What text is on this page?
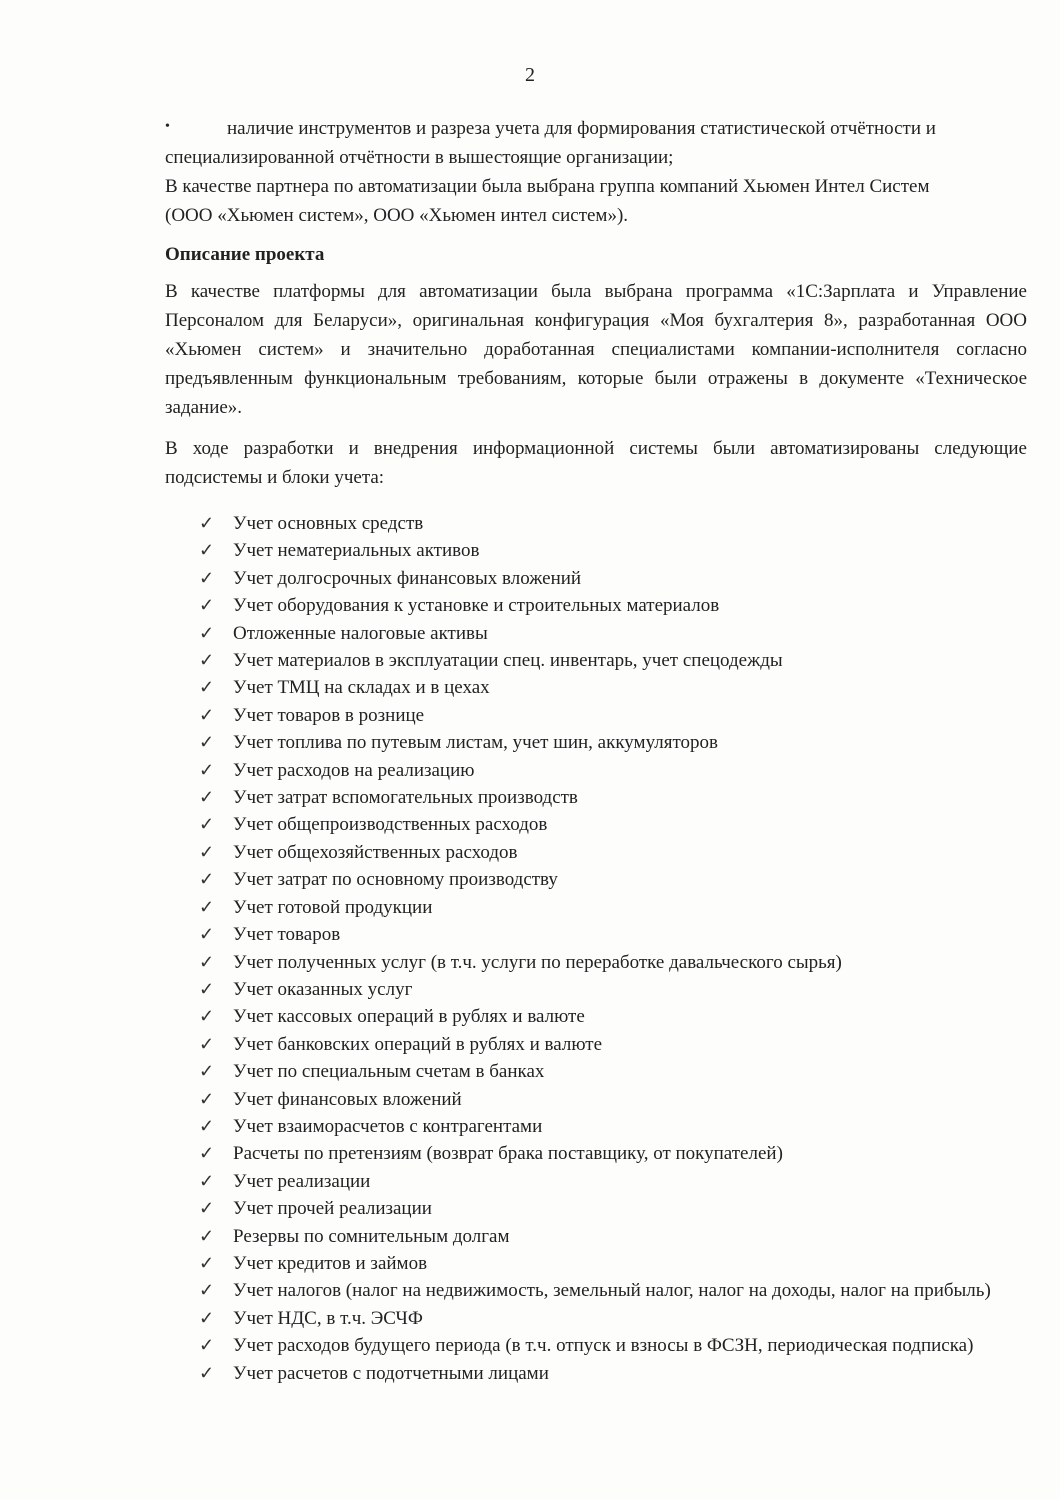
2
•	наличие инструментов и разреза учета для формирования статистической отчётности и

специализированной отчётности в вышестоящие организации;

В качестве партнера по автоматизации была выбрана группа компаний Хьюмен Интел Систем

(ООО «Хьюмен систем», ООО «Хьюмен интел систем»).

Описание проекта

В качестве платформы для автоматизации была выбрана программа «1С:Зарплата и Управление Персоналом для Беларуси», оригинальная конфигурация «Моя бухгалтерия 8», разработанная ООО «Хьюмен систем» и значительно доработанная специалистами компании-исполнителя согласно предъявленным функциональным требованиям, которые были отражены в документе «Техническое задание».

В ходе разработки и внедрения информационной системы были автоматизированы следующие подсистемы и блоки учета:

✓ Учет основных средств
✓ Учет нематериальных активов
✓ Учет долгосрочных финансовых вложений
✓ Учет оборудования к установке и строительных материалов
✓ Отложенные налоговые активы
✓ Учет материалов в эксплуатации спец. инвентарь, учет спецодежды
✓ Учет ТМЦ на складах и в цехах
✓ Учет товаров в рознице
✓ Учет топлива по путевым листам, учет шин, аккумуляторов
✓ Учет расходов на реализацию
✓ Учет затрат вспомогательных производств
✓ Учет общепроизводственных расходов
✓ Учет общехозяйственных расходов
✓ Учет затрат по основному производству
✓ Учет готовой продукции
✓ Учет товаров
✓ Учет полученных услуг (в т.ч. услуги по переработке давальческого сырья)
✓ Учет оказанных услуг
✓ Учет кассовых операций в рублях и валюте
✓ Учет банковских операций в рублях и валюте
✓ Учет по специальным счетам в банках
✓ Учет финансовых вложений
✓ Учет взаиморасчетов с контрагентами
✓ Расчеты по претензиям (возврат брака поставщику, от покупателей)
✓ Учет реализации
✓ Учет прочей реализации
✓ Резервы по сомнительным долгам
✓ Учет кредитов и займов
✓ Учет налогов (налог на недвижимость, земельный налог, налог на доходы, налог на прибыль)
✓ Учет НДС, в т.ч. ЭСЧФ
✓ Учет расходов будущего периода (в т.ч. отпуск и взносы в ФСЗН, периодическая подписка)
✓ Учет расчетов с подотчетными лицами
